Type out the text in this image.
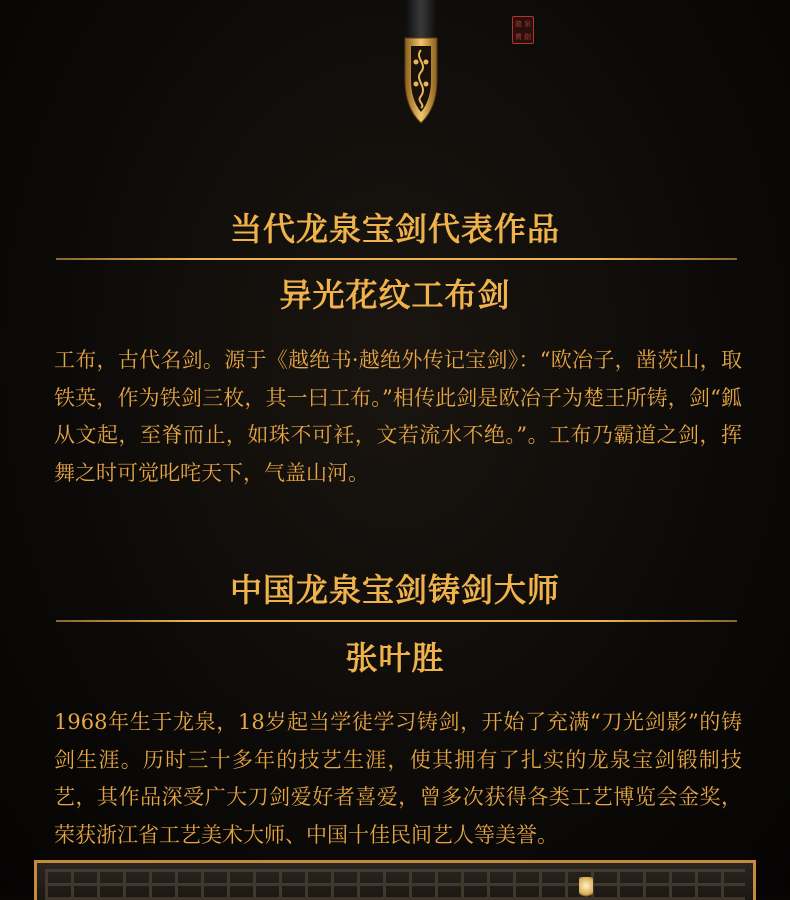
龍 泉
寶 劍
当代龙泉宝剑代表作品
异光花纹工布剑
工布，古代名剑。源于《越绝书·越绝外传记宝剑》：“欧冶子，凿茨山，取铁英，作为铁剑三枚，其一曰工布。”相传此剑是欧冶子为楚王所铸，剑“鈲从文起，至脊而止，如珠不可衽，文若流水不绝。”。工布乃霸道之剑，挥舞之时可觉叱咤天下，气盖山河。
中国龙泉宝剑铸剑大师
张叶胜
1968年生于龙泉，18岁起当学徒学习铸剑，开始了充满“刀光剑影”的铸剑生涯。历时三十多年的技艺生涯，使其拥有了扎实的龙泉宝剑锻制技艺，其作品深受广大刀剑爱好者喜爱，曾多次获得各类工艺博览会金奖，荣获浙江省工艺美术大师、中国十佳民间艺人等美誉。
